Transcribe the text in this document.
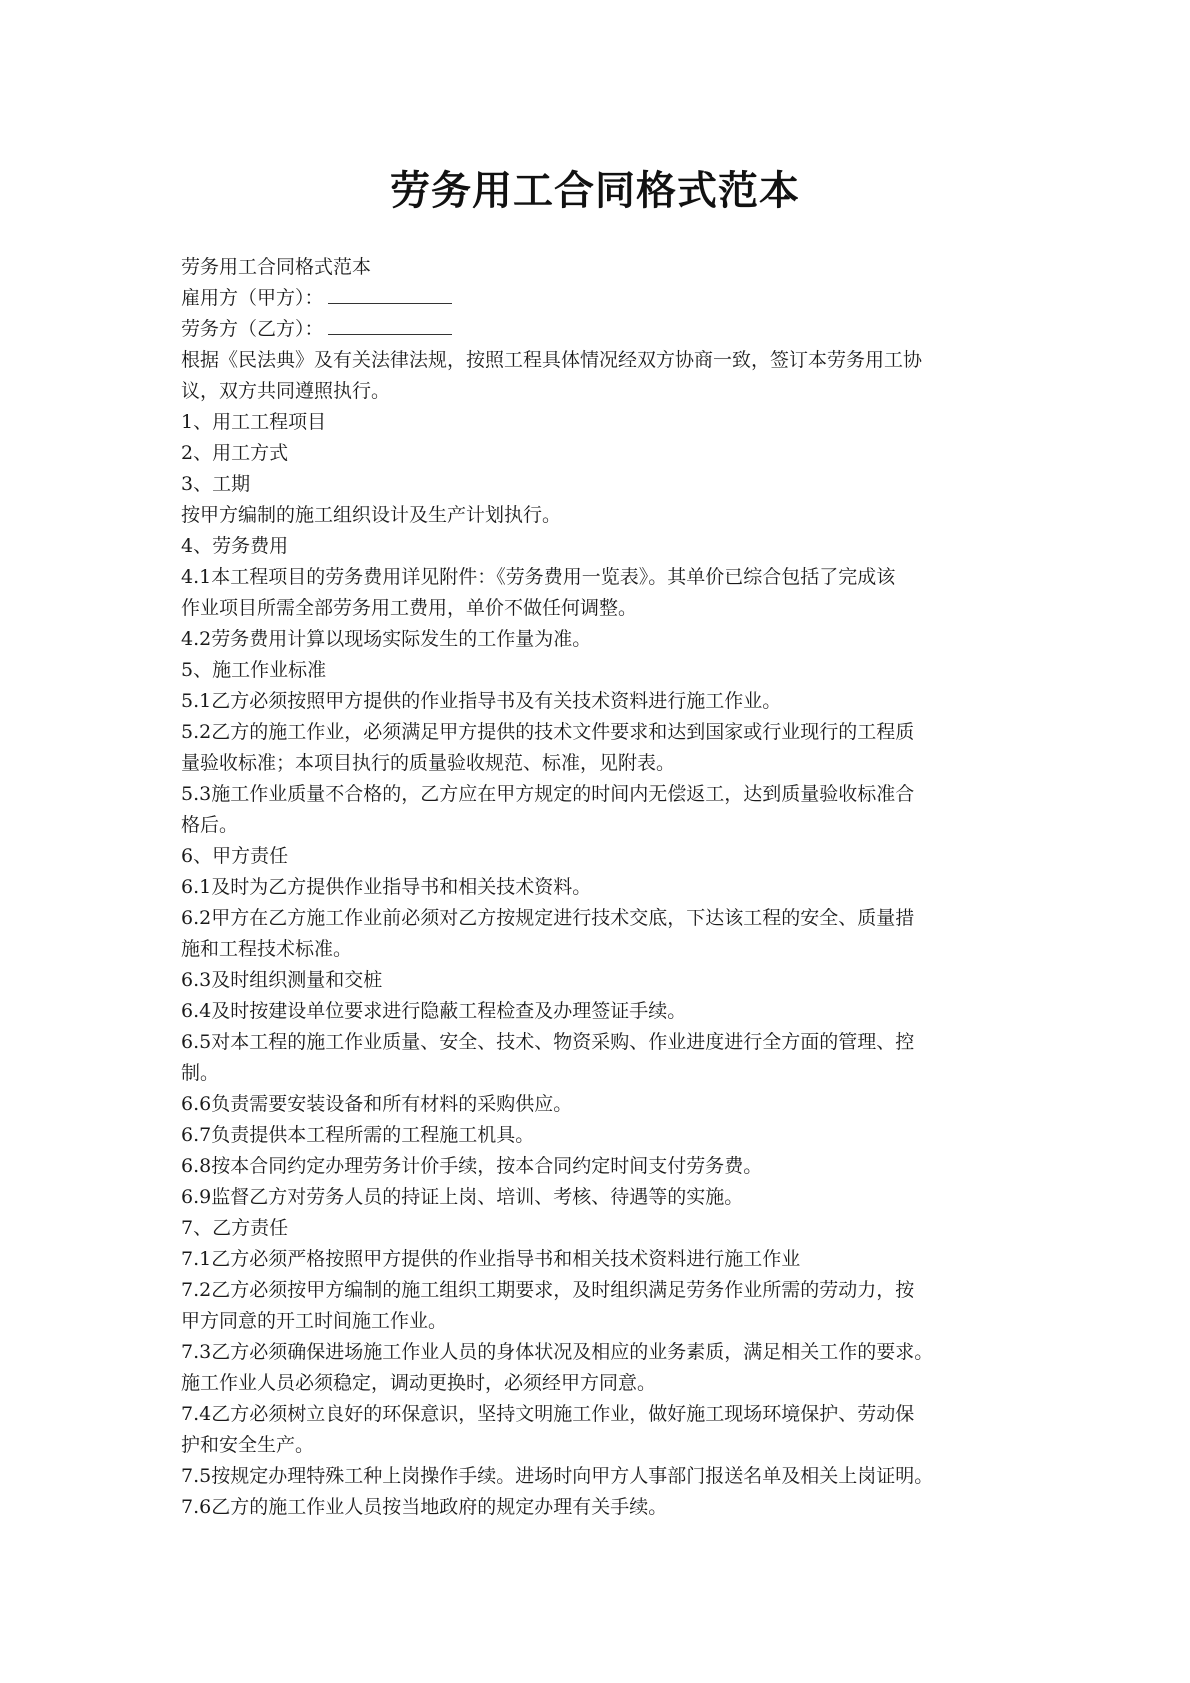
劳务用工合同格式范本
劳务用工合同格式范本
雇用方（甲方）：
劳务方（乙方）：
根据《民法典》及有关法律法规，按照工程具体情况经双方协商一致，签订本劳务用工协
议，双方共同遵照执行。
1、用工工程项目
2、用工方式
3、工期
按甲方编制的施工组织设计及生产计划执行。
4、劳务费用
4.1本工程项目的劳务费用详见附件：《劳务费用一览表》。其单价已综合包括了完成该
作业项目所需全部劳务用工费用，单价不做任何调整。
4.2劳务费用计算以现场实际发生的工作量为准。
5、施工作业标准
5.1乙方必须按照甲方提供的作业指导书及有关技术资料进行施工作业。
5.2乙方的施工作业，必须满足甲方提供的技术文件要求和达到国家或行业现行的工程质
量验收标准；本项目执行的质量验收规范、标准，见附表。
5.3施工作业质量不合格的，乙方应在甲方规定的时间内无偿返工，达到质量验收标准合
格后。
6、甲方责任
6.1及时为乙方提供作业指导书和相关技术资料。
6.2甲方在乙方施工作业前必须对乙方按规定进行技术交底，下达该工程的安全、质量措
施和工程技术标准。
6.3及时组织测量和交桩
6.4及时按建设单位要求进行隐蔽工程检查及办理签证手续。
6.5对本工程的施工作业质量、安全、技术、物资采购、作业进度进行全方面的管理、控
制。
6.6负责需要安装设备和所有材料的采购供应。
6.7负责提供本工程所需的工程施工机具。
6.8按本合同约定办理劳务计价手续，按本合同约定时间支付劳务费。
6.9监督乙方对劳务人员的持证上岗、培训、考核、待遇等的实施。
7、乙方责任
7.1乙方必须严格按照甲方提供的作业指导书和相关技术资料进行施工作业
7.2乙方必须按甲方编制的施工组织工期要求，及时组织满足劳务作业所需的劳动力，按
甲方同意的开工时间施工作业。
7.3乙方必须确保进场施工作业人员的身体状况及相应的业务素质，满足相关工作的要求。
施工作业人员必须稳定，调动更换时，必须经甲方同意。
7.4乙方必须树立良好的环保意识，坚持文明施工作业，做好施工现场环境保护、劳动保
护和安全生产。
7.5按规定办理特殊工种上岗操作手续。进场时向甲方人事部门报送名单及相关上岗证明。
7.6乙方的施工作业人员按当地政府的规定办理有关手续。
